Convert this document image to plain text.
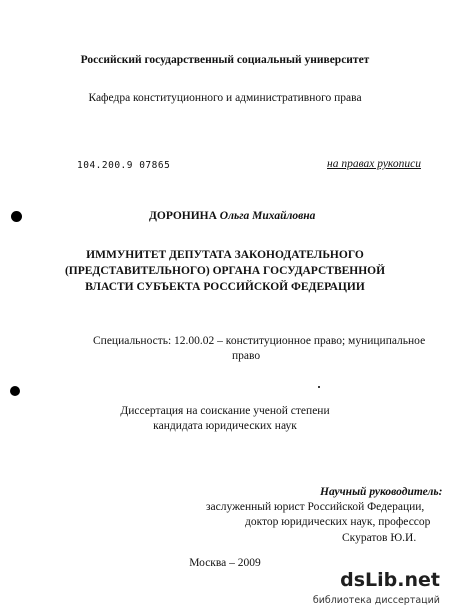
Российский государственный социальный университет
Кафедра конституционного и административного права
104.200.9 07865	на правах рукописи
ДОРОНИНА Ольга Михайловна
ИММУНИТЕТ ДЕПУТАТА ЗАКОНОДАТЕЛЬНОГО
(ПРЕДСТАВИТЕЛЬНОГО) ОРГАНА ГОСУДАРСТВЕННОЙ
ВЛАСТИ СУБЪЕКТА РОССИЙСКОЙ ФЕДЕРАЦИИ
Специальность: 12.00.02 – конституционное право; муниципальное
право
Диссертация на соискание ученой степени
кандидата юридических наук
Научный руководитель:
заслуженный юрист Российской Федерации,
доктор юридических наук, профессор
Скуратов Ю.И.
Москва – 2009
dsLib.net
библиотека диссертаций
